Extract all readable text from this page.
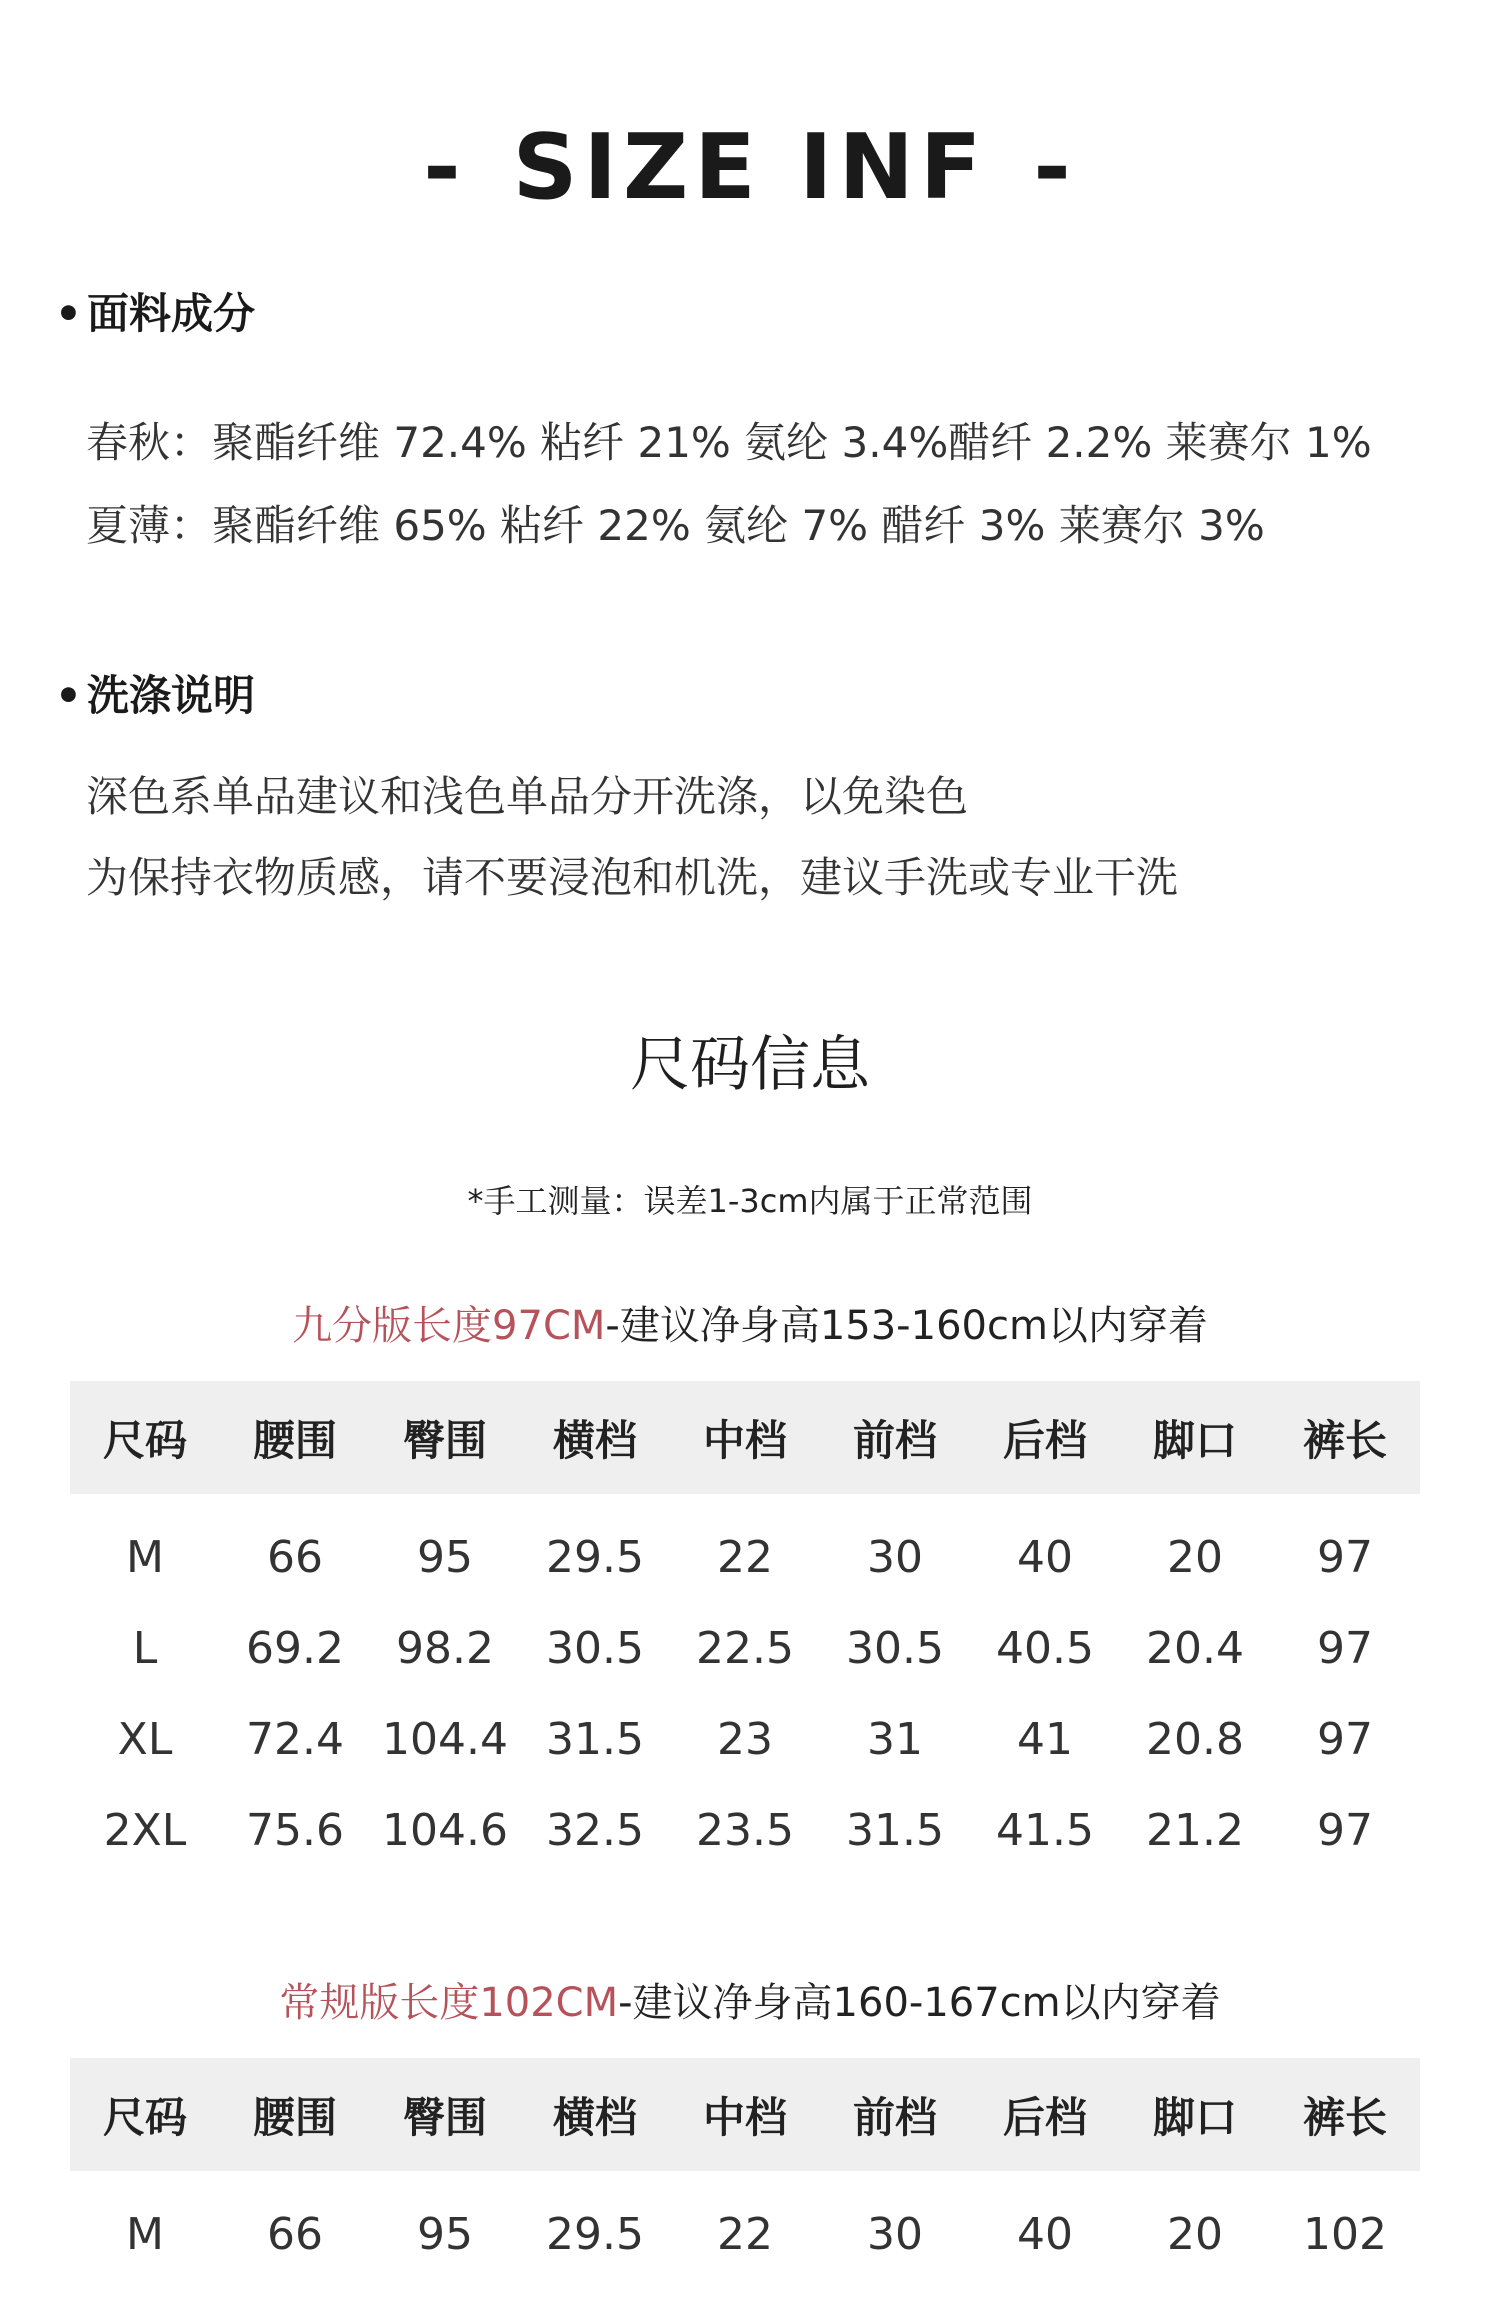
- SIZE INF -
• 面料成分
春秋：聚酯纤维 72.4% 粘纤 21% 氨纶 3.4%醋纤 2.2% 莱赛尔 1%
夏薄：聚酯纤维 65% 粘纤 22% 氨纶 7% 醋纤 3% 莱赛尔 3%
• 洗涤说明
深色系单品建议和浅色单品分开洗涤，以免染色
为保持衣物质感，请不要浸泡和机洗，建议手洗或专业干洗
尺码信息
*手工测量：误差1-3cm内属于正常范围
九分版长度97CM-建议净身高153-160cm以内穿着
尺码	腰围	臀围	横档	中档	前档	后档	脚口	裤长
M	66	95	29.5	22	30	40	20	97
L	69.2	98.2	30.5	22.5	30.5	40.5	20.4	97
XL	72.4	104.4	31.5	23	31	41	20.8	97
2XL	75.6	104.6	32.5	23.5	31.5	41.5	21.2	97
常规版长度102CM-建议净身高160-167cm以内穿着
尺码	腰围	臀围	横档	中档	前档	后档	脚口	裤长
M	66	95	29.5	22	30	40	20	102
